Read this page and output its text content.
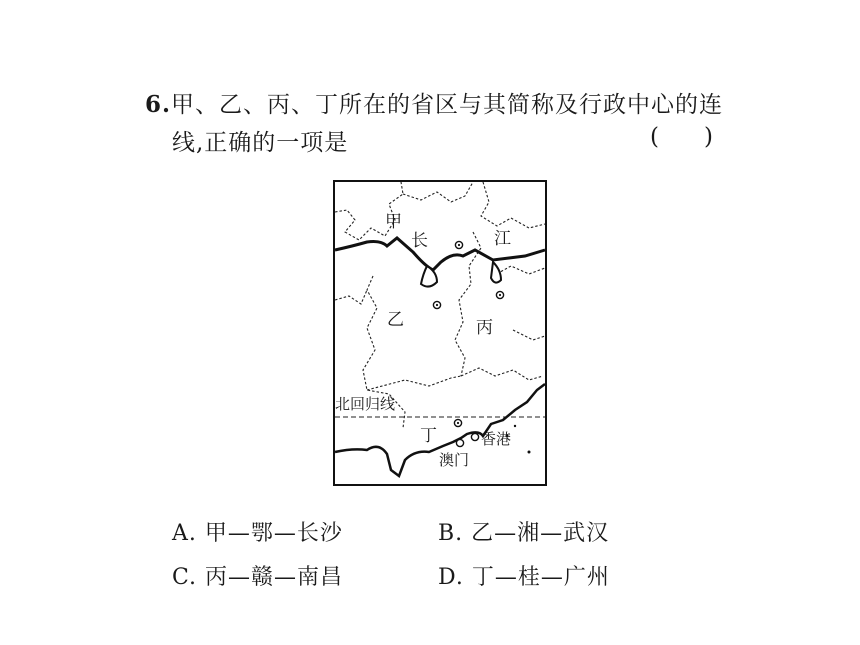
6.甲、乙、丙、丁所在的省区与其简称及行政中心的连
线,正确的一项是	( )
甲
长	江
乙	丙
北回归线
丁	香港
澳门
A. 甲—鄂—长沙	B. 乙—湘—武汉
C. 丙—赣—南昌	D. 丁—桂—广州
